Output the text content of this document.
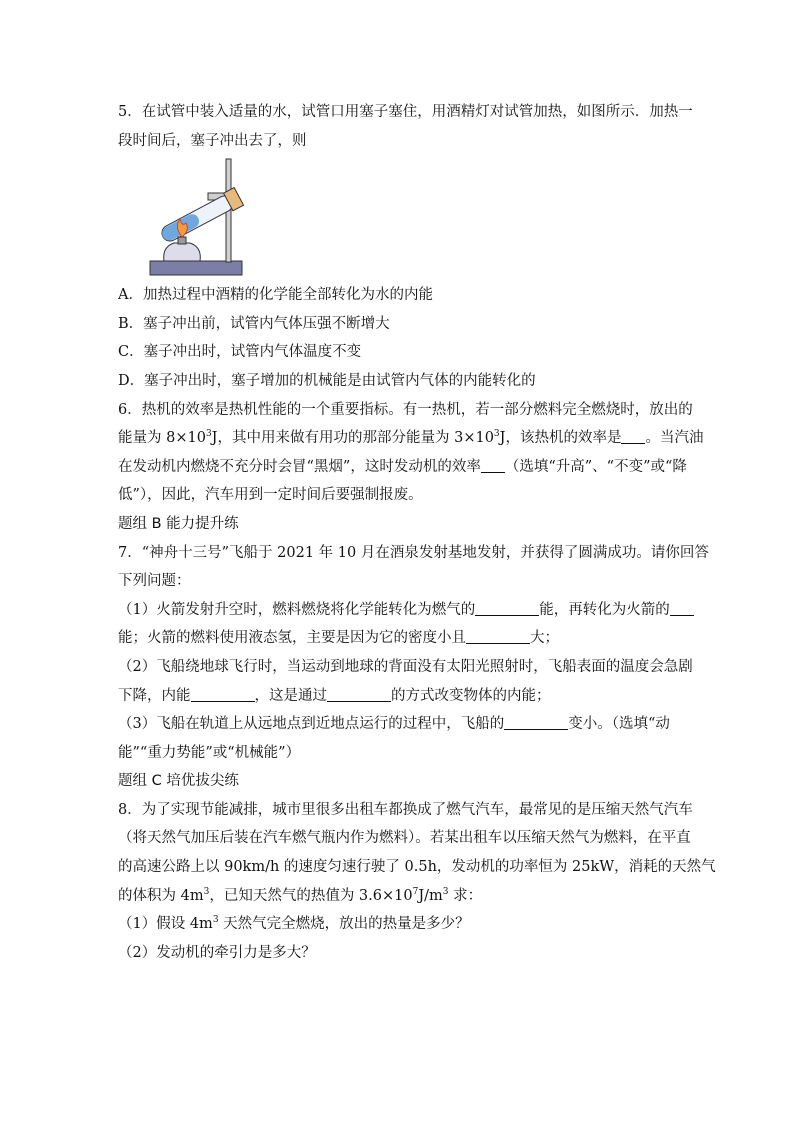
5．在试管中装入适量的水，试管口用塞子塞住，用酒精灯对试管加热，如图所示．加热一
段时间后，塞子冲出去了，则
A．加热过程中酒精的化学能全部转化为水的内能
B．塞子冲出前，试管内气体压强不断增大
C．塞子冲出时，试管内气体温度不变
D．塞子冲出时，塞子增加的机械能是由试管内气体的内能转化的
6．热机的效率是热机性能的一个重要指标。有一热机，若一部分燃料完全燃烧时，放出的
能量为 $8\times 10^3J$，其中用来做有用功的那部分能量为 $3\times 10^3J$，该热机的效率是 。当汽油
在发动机内燃烧不充分时会冒“黑烟”，这时发动机的效率 （选填“升高”、“不变”或“降
低”），因此，汽车用到一定时间后要强制报废。
题组 B 能力提升练
7．“神舟十三号”飞船于 2021 年 10 月在酒泉发射基地发射，并获得了圆满成功。请你回答
下列问题：
（1）火箭发射升空时，燃料燃烧将化学能转化为燃气的	能，再转化为火箭的
能；火箭的燃料使用液态氢，主要是因为它的密度小且	大；
（2）飞船绕地球飞行时，当运动到地球的背面没有太阳光照射时，飞船表面的温度会急剧
下降，内能	，这是通过	的方式改变物体的内能；
（3）飞船在轨道上从远地点到近地点运行的过程中，飞船的	变小。（选填“动
能”“重力势能”或“机械能”）
题组 C 培优拔尖练
8．为了实现节能减排，城市里很多出租车都换成了燃气汽车，最常见的是压缩天然气汽车
（将天然气加压后装在汽车燃气瓶内作为燃料）。若某出租车以压缩天然气为燃料，在平直
的高速公路上以 90km/h 的速度匀速行驶了 0.5h，发动机的功率恒为 25kW，消耗的天然气
的体积为 $4m^3$，已知天然气的热值为 $3.6\times 10^7J/m^3$ 求：
（1）假设 $4m^3$ 天然气完全燃烧，放出的热量是多少？
（2）发动机的牵引力是多大？
